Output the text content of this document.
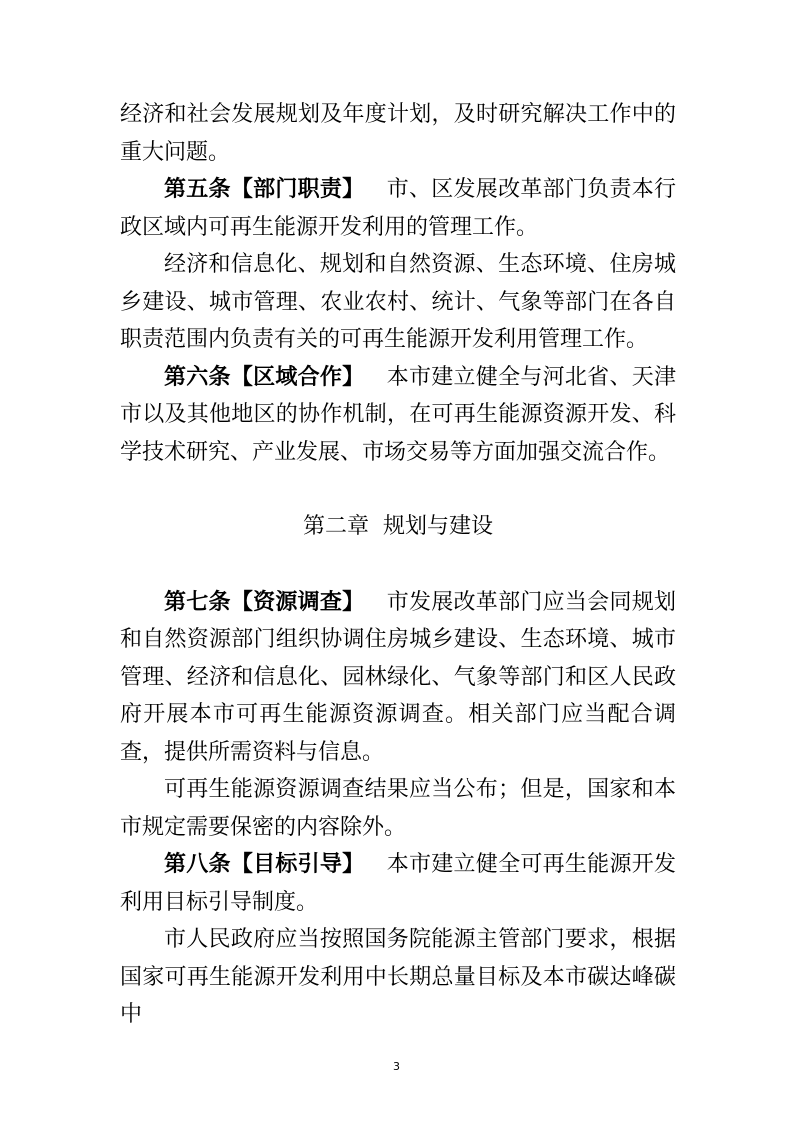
经济和社会发展规划及年度计划，及时研究解决工作中的重大问题。

第五条【部门职责】  市、区发展改革部门负责本行政区域内可再生能源开发利用的管理工作。

经济和信息化、规划和自然资源、生态环境、住房城乡建设、城市管理、农业农村、统计、气象等部门在各自职责范围内负责有关的可再生能源开发利用管理工作。

第六条【区域合作】  本市建立健全与河北省、天津市以及其他地区的协作机制，在可再生能源资源开发、科学技术研究、产业发展、市场交易等方面加强交流合作。

第二章  规划与建设

第七条【资源调查】  市发展改革部门应当会同规划和自然资源部门组织协调住房城乡建设、生态环境、城市管理、经济和信息化、园林绿化、气象等部门和区人民政府开展本市可再生能源资源调查。相关部门应当配合调查，提供所需资料与信息。

可再生能源资源调查结果应当公布；但是，国家和本市规定需要保密的内容除外。

第八条【目标引导】  本市建立健全可再生能源开发利用目标引导制度。

市人民政府应当按照国务院能源主管部门要求，根据国家可再生能源开发利用中长期总量目标及本市碳达峰碳中

3
